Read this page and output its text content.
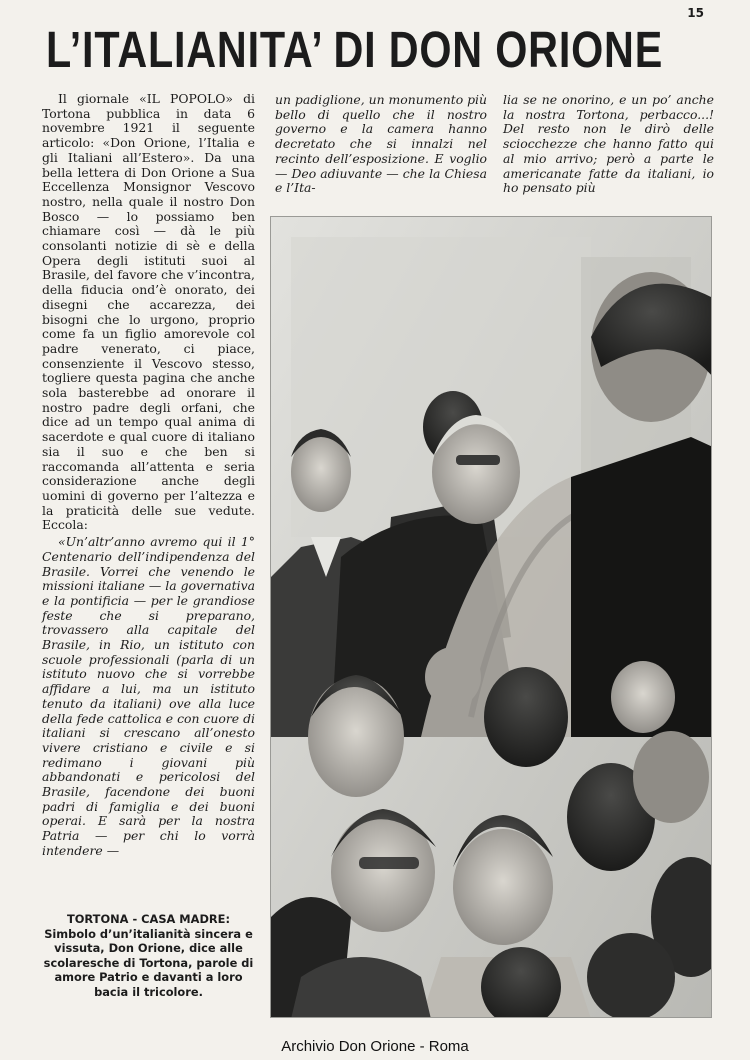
15
L’ITALIANITA’ DI DON ORIONE

Il giornale «IL POPOLO» di Tortona pubblica in data 6 novembre 1921 il seguente articolo: «Don Orione, l’Italia e gli Italiani all’Estero». Da una bella lettera di Don Orione a Sua Eccellenza Monsignor Vescovo nostro, nella quale il nostro Don Bosco — lo possiamo ben chiamare così — dà le più consolanti notizie di sè e della Opera degli istituti suoi al Brasile, del favore che v’incontra, della fiducia ond’è onorato, dei disegni che accarezza, dei bisogni che lo urgono, proprio come fa un figlio amorevole col padre venerato, ci piace, consenziente il Vescovo stesso, togliere questa pagina che anche sola basterebbe ad onorare il nostro padre degli orfani, che dice ad un tempo qual anima di sacerdote e qual cuore di italiano sia il suo e che ben si raccomanda all’attenta e seria considerazione anche degli uomini di governo per l’altezza e la praticità delle sue vedute. Eccola:

«Un’altr’anno avremo qui il 1° Centenario dell’indipendenza del Brasile. Vorrei che venendo le missioni italiane — la governativa e la pontificia — per le grandiose feste che si preparano, trovassero alla capitale del Brasile, in Rio, un istituto con scuole professionali (parla di un istituto nuovo che si vorrebbe affidare a lui, ma un istituto tenuto da italiani) ove alla luce della fede cattolica e con cuore di italiani si crescano all’onesto vivere cristiano e civile e si redimano i giovani più abbandonati e pericolosi del Brasile, facendone dei buoni padri di famiglia e dei buoni operai. E sarà per la nostra Patria — per chi lo vorrà intendere —

un padiglione, un monumento più bello di quello che il nostro governo e la camera hanno decretato che si innalzi nel recinto dell’esposizione. E voglio — Deo adiuvante — che la Chiesa e l’Ita-

lia se ne onorino, e un po’ anche la nostra Tortona, perbacco...! Del resto non le dirò delle sciocchezze che hanno fatto qui al mio arrivo; però a parte le americanate fatte da italiani, io ho pensato più

TORTONA - CASA MADRE: Simbolo d’un’italianità sincera e vissuta, Don Orione, dice alle scolaresche di Tortona, parole di amore Patrio e davanti a loro bacia il tricolore.
Archivio Don Orione - Roma
